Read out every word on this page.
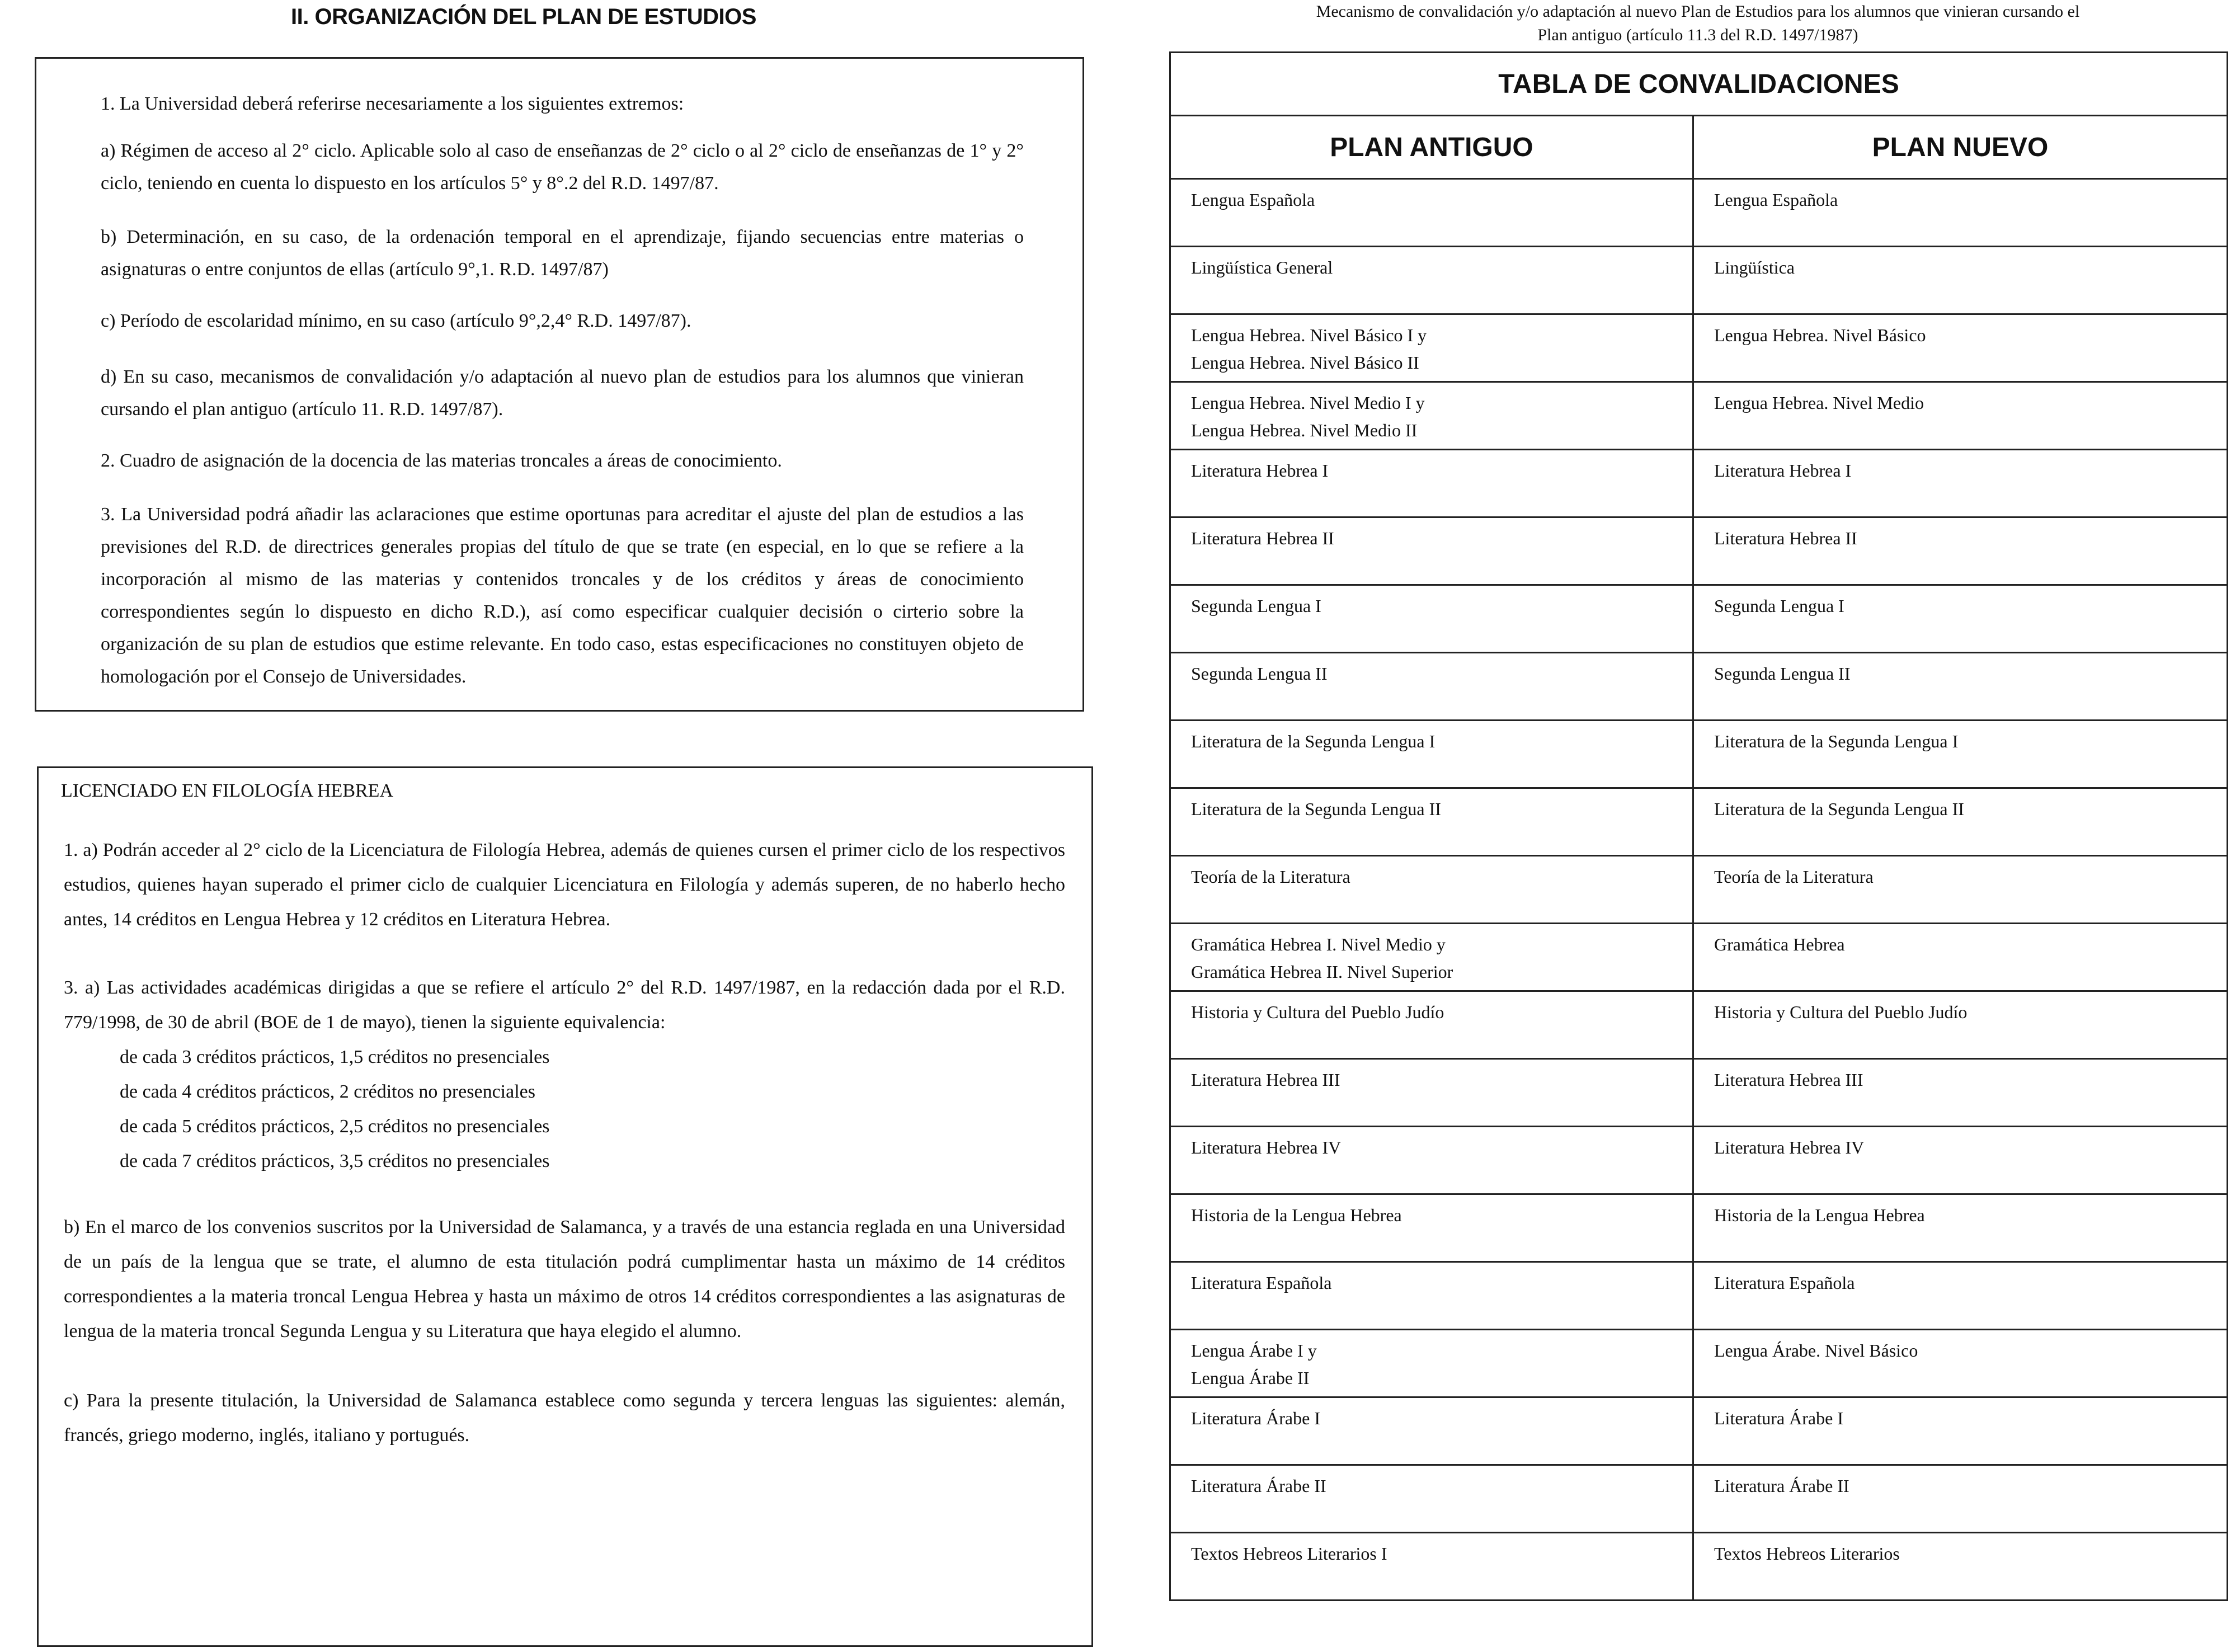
II. ORGANIZACIÓN DEL PLAN DE ESTUDIOS

1. La Universidad deberá referirse necesariamente a los siguientes extremos:

a) Régimen de acceso al 2° ciclo. Aplicable solo al caso de enseñanzas de 2° ciclo o al 2° ciclo de enseñanzas de 1° y 2° ciclo, teniendo en cuenta lo dispuesto en los artículos 5° y 8°.2 del R.D. 1497/87.

b) Determinación, en su caso, de la ordenación temporal en el aprendizaje, fijando secuencias entre materias o asignaturas o entre conjuntos de ellas (artículo 9°,1. R.D. 1497/87)

c) Período de escolaridad mínimo, en su caso (artículo 9°,2,4° R.D. 1497/87).

d) En su caso, mecanismos de convalidación y/o adaptación al nuevo plan de estudios para los alumnos que vinieran cursando el plan antiguo (artículo 11. R.D. 1497/87).

2. Cuadro de asignación de la docencia de las materias troncales a áreas de conocimiento.

3. La Universidad podrá añadir las aclaraciones que estime oportunas para acreditar el ajuste del plan de estudios a las previsiones del R.D. de directrices generales propias del título de que se trate (en especial, en lo que se refiere a la incorporación al mismo de las materias y contenidos troncales y de los créditos y áreas de conocimiento correspondientes según lo dispuesto en dicho R.D.), así como especificar cualquier decisión o cirterio sobre la organización de su plan de estudios que estime relevante. En todo caso, estas especificaciones no constituyen objeto de homologación por el Consejo de Universidades.

LICENCIADO EN FILOLOGÍA HEBREA

1. a) Podrán acceder al 2° ciclo de la Licenciatura de Filología Hebrea, además de quienes cursen el primer ciclo de los respectivos estudios, quienes hayan superado el primer ciclo de cualquier Licenciatura en Filología y además superen, de no haberlo hecho antes, 14 créditos en Lengua Hebrea y 12 créditos en Literatura Hebrea.

3. a) Las actividades académicas dirigidas a que se refiere el artículo 2° del R.D. 1497/1987, en la redacción dada por el R.D. 779/1998, de 30 de abril (BOE de 1 de mayo), tienen la siguiente equivalencia:

de cada 3 créditos prácticos, 1,5 créditos no presenciales

de cada 4 créditos prácticos, 2 créditos no presenciales

de cada 5 créditos prácticos, 2,5 créditos no presenciales

de cada 7 créditos prácticos, 3,5 créditos no presenciales

b) En el marco de los convenios suscritos por la Universidad de Salamanca, y a través de una estancia reglada en una Universidad de un país de la lengua que se trate, el alumno de esta titulación podrá cumplimentar hasta un máximo de 14 créditos correspondientes a la materia troncal Lengua Hebrea y hasta un máximo de otros 14 créditos correspondientes a las asignaturas de lengua de la materia troncal Segunda Lengua y su Literatura que haya elegido el alumno.

c) Para la presente titulación, la Universidad de Salamanca establece como segunda y tercera lenguas las siguientes: alemán, francés, griego moderno, inglés, italiano y portugués.

Mecanismo de convalidación y/o adaptación al nuevo Plan de Estudios para los alumnos que vinieran cursando el
Plan antiguo (artículo 11.3 del R.D. 1497/1987)
TABLA DE CONVALIDACIONES	
PLAN ANTIGUO	PLAN NUEVO

Lengua Española	Lengua Española

Lingüística General	Lingüística

Lengua Hebrea. Nivel Básico I y
Lengua Hebrea. Nivel Básico II	Lengua Hebrea. Nivel Básico

Lengua Hebrea. Nivel Medio I y
Lengua Hebrea. Nivel Medio II	Lengua Hebrea. Nivel Medio

Literatura Hebrea I	Literatura Hebrea I

Literatura Hebrea II	Literatura Hebrea II

Segunda Lengua I	Segunda Lengua I

Segunda Lengua II	Segunda Lengua II

Literatura de la Segunda Lengua I	Literatura de la Segunda Lengua I

Literatura de la Segunda Lengua II	Literatura de la Segunda Lengua II

Teoría de la Literatura	Teoría de la Literatura

Gramática Hebrea I. Nivel Medio y
Gramática Hebrea II. Nivel Superior	Gramática Hebrea

Historia y Cultura del Pueblo Judío	Historia y Cultura del Pueblo Judío

Literatura Hebrea III	Literatura Hebrea III

Literatura Hebrea IV	Literatura Hebrea IV

Historia de la Lengua Hebrea	Historia de la Lengua Hebrea

Literatura Española	Literatura Española

Lengua Árabe I y
Lengua Árabe II	Lengua Árabe. Nivel Básico

Literatura Árabe I	Literatura Árabe I

Literatura Árabe II	Literatura Árabe II

Textos Hebreos Literarios I	Textos Hebreos Literarios
